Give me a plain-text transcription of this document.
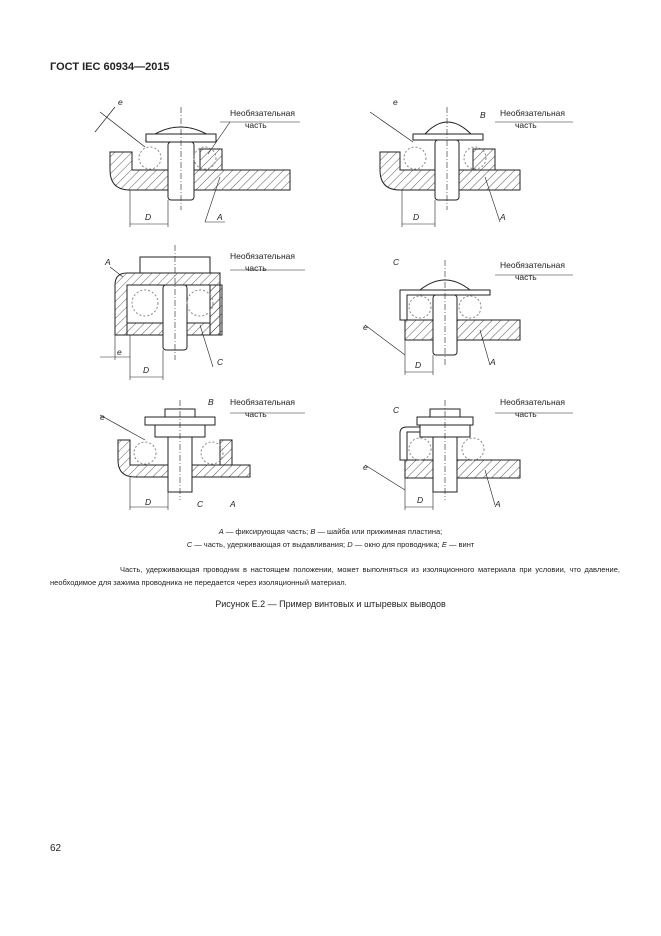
ГОСТ IEC 60934—2015
е
D	A
Необязательная
часть
е
B
D	A
Необязательная
часть
A
е
D
C
Необязательная
часть
C
е
D	A
Необязательная
часть
е
B
D	C	A
Необязательная
часть	C
е
D	A
Необязательная
часть
A — фиксирующая часть; B — шайба или прижимная пластина;
C — часть, удерживающая от выдавливания; D — окно для проводника; E — винт
Часть, удерживающая проводник в настоящем положении, может выполняться из изоляционного материала при условии, что давление, необходимое для зажима проводника не передается через изоляционный материал.
Рисунок Е.2 — Пример винтовых и штыревых выводов
62
